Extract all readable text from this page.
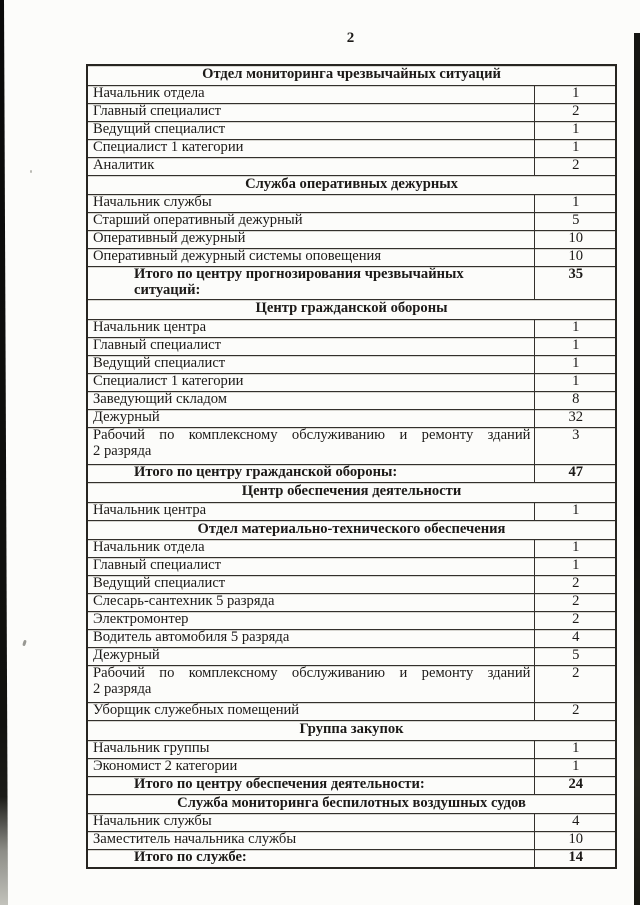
2
Отдел мониторинга чрезвычайных ситуаций	
Начальник отдела	1
Главный специалист	2
Ведущий специалист	1
Специалист 1 категории	1
Аналитик	2
Служба оперативных дежурных	
Начальник службы	1
Старший оперативный дежурный	5
Оперативный дежурный	10
Оперативный дежурный системы оповещения	10
Итого по центру прогнозирования чрезвычайных ситуаций:	35
Центр гражданской обороны	
Начальник центра	1
Главный специалист	1
Ведущий специалист	1
Специалист 1 категории	1
Заведующий складом	8
Дежурный	32

Рабочий по комплексному обслуживанию и ремонту зданий
2 разряда	3
Итого по центру гражданской обороны:	47
Центр обеспечения деятельности	
Начальник центра	1
Отдел материально-технического обеспечения	
Начальник отдела	1
Главный специалист	1
Ведущий специалист	2
Слесарь-сантехник 5 разряда	2
Электромонтер	2
Водитель автомобиля 5 разряда	4
Дежурный	5

Рабочий по комплексному обслуживанию и ремонту зданий
2 разряда	2
Уборщик служебных помещений	2
Группа закупок	
Начальник группы	1
Экономист 2 категории	1
Итого по центру обеспечения деятельности:	24
Служба мониторинга беспилотных воздушных судов	
Начальник службы	4
Заместитель начальника службы	10
Итого по службе:	14
